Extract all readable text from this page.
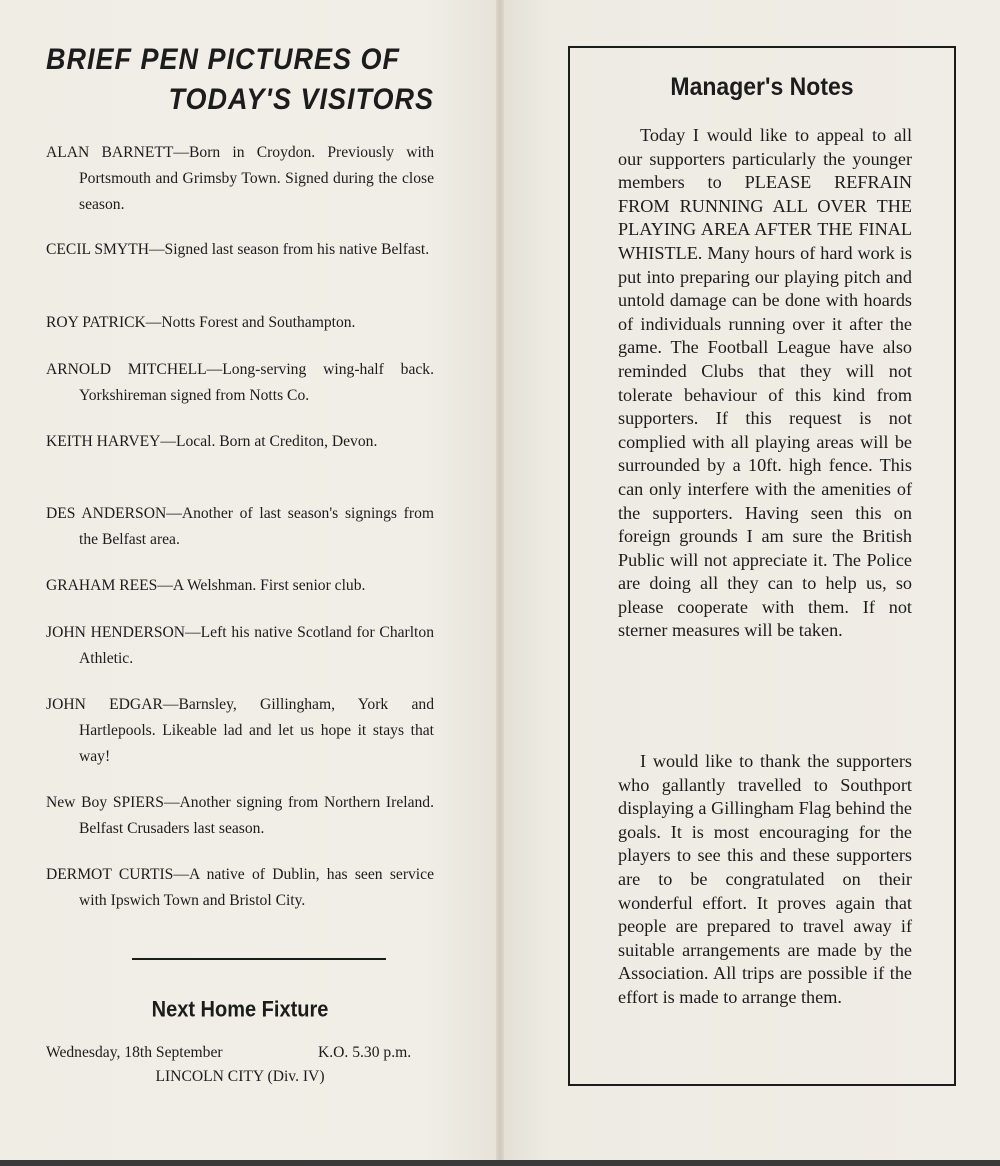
BRIEF PEN PICTURES OF
TODAY'S VISITORS
ALAN BARNETT—Born in Croydon. Previously with Portsmouth and Grimsby Town. Signed during the close season.
CECIL SMYTH—Signed last season from his native Belfast.
ROY PATRICK—Notts Forest and Southampton.
ARNOLD MITCHELL—Long-serving wing-half back. Yorkshireman signed from Notts Co.
KEITH HARVEY—Local. Born at Crediton, Devon.
DES ANDERSON—Another of last season's signings from the Belfast area.
GRAHAM REES—A Welshman. First senior club.
JOHN HENDERSON—Left his native Scotland for Charlton Athletic.
JOHN EDGAR—Barnsley, Gillingham, York and Hartlepools. Likeable lad and let us hope it stays that way!
New Boy SPIERS—Another signing from Northern Ireland. Belfast Crusaders last season.
DERMOT CURTIS—A native of Dublin, has seen service with Ipswich Town and Bristol City.
Next Home Fixture
Wednesday, 18th September	K.O. 5.30 p.m.
LINCOLN CITY (Div. IV)
Manager's Notes
Today I would like to appeal to all our supporters particularly the younger members to PLEASE REFRAIN FROM RUNNING ALL OVER THE PLAYING AREA AFTER THE FINAL WHISTLE. Many hours of hard work is put into preparing our playing pitch and untold damage can be done with hoards of individuals running over it after the game. The Football League have also reminded Clubs that they will not tolerate behaviour of this kind from supporters. If this request is not complied with all playing areas will be surrounded by a 10ft. high fence. This can only interfere with the amenities of the supporters. Having seen this on foreign grounds I am sure the British Public will not appreciate it. The Police are doing all they can to help us, so please cooperate with them. If not sterner measures will be taken.
I would like to thank the supporters who gallantly travelled to Southport displaying a Gillingham Flag behind the goals. It is most encouraging for the players to see this and these supporters are to be congratulated on their wonderful effort. It proves again that people are prepared to travel away if suitable arrangements are made by the Association. All trips are possible if the effort is made to arrange them.
